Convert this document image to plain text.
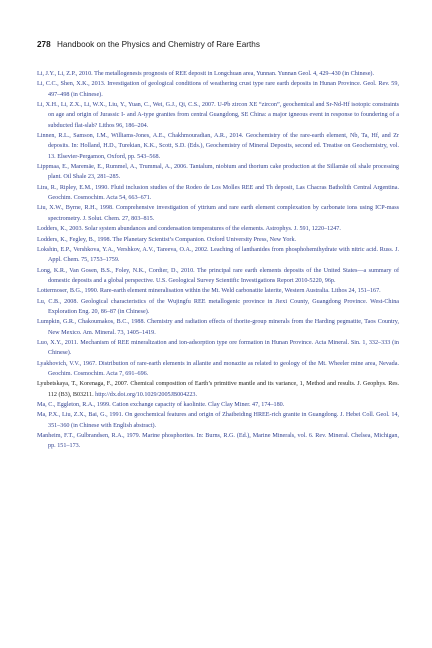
278 Handbook on the Physics and Chemistry of Rare Earths

Li, J.Y., Li, Z.P., 2010. The metallogenesis prognosis of REE deposit in Longchuan area, Yunnan. Yunnan Geol. 4, 429–430 (in Chinese).

Li, C.C., Shen, X.K., 2013. Investigation of geological conditions of weathering crust type rare earth deposits in Hunan Province. Geol. Rev. 59, 497–498 (in Chinese).

Li, X.H., Li, Z.X., Li, W.X., Liu, Y., Yuan, C., Wei, G.J., Qi, C.S., 2007. U-Pb zircon XE “zircon”, geochemical and Sr-Nd-Hf isotopic constraints on age and origin of Jurassic I- and A-type granites from central Guangdong, SE China: a major igneous event in response to foundering of a subducted flat-slab? Lithos 96, 186–204.

Linnen, R.L., Samson, I.M., Williams-Jones, A.E., Chakhmouradian, A.R., 2014. Geochemistry of the rare-earth element, Nb, Ta, Hf, and Zr deposits. In: Holland, H.D., Turekian, K.K., Scott, S.D. (Eds.), Geochemistry of Mineral Deposits, second ed. Treatise on Geochemistry, vol. 13. Elsevier-Pergamon, Oxford, pp. 543–568.

Lippmaa, E., Maremäe, E., Rummel, A., Trummal, A., 2006. Tantalum, niobium and thorium cake production at the Sillamäe oil shale processing plant. Oil Shale 23, 281–285.

Lira, R., Ripley, E.M., 1990. Fluid inclusion studies of the Rodeo de Los Molles REE and Th deposit, Las Chacras Batholith Central Argentina. Geochim. Cosmochim. Acta 54, 663–671.

Liu, X.W., Byrne, R.H., 1998. Comprehensive investigation of yttrium and rare earth element complexation by carbonate ions using ICP-mass spectrometry. J. Solut. Chem. 27, 803–815.

Lodders, K., 2003. Solar system abundances and condensation temperatures of the elements. Astrophys. J. 591, 1220–1247.

Lodders, K., Fegley, B., 1998. The Planetary Scientist’s Companion. Oxford University Press, New York.

Lokshin, E.P., Vershkova, Y.A., Vershkov, A.V., Tareeva, O.A., 2002. Leaching of lanthanides from phosphohemihydrate with nitric acid. Russ. J. Appl. Chem. 75, 1753–1759.

Long, K.R., Van Gosen, B.S., Foley, N.K., Cordier, D., 2010. The principal rare earth elements deposits of the United States—a summary of domestic deposits and a global perspective. U.S. Geological Survey Scientific Investigations Report 2010-5220, 96p.

Lottermoser, B.G., 1990. Rare-earth element mineralisation within the Mt. Weld carbonatite laterite, Western Australia. Lithos 24, 151–167.

Lu, C.B., 2008. Geological characteristics of the Wujingfu REE metallogenic province in Jiexi County, Guangdong Province. West-China Exploration Eng. 20, 86–87 (in Chinese).

Lumpkin, G.R., Chakoumakos, B.C., 1988. Chemistry and radiation effects of thorite-group minerals from the Harding pegmatite, Taos Country, New Mexico. Am. Mineral. 73, 1405–1419.

Luo, X.Y., 2011. Mechanism of REE mineralization and ion-adsorption type ore formation in Hunan Province. Acta Mineral. Sin. 1, 332–333 (in Chinese).

Lyakhovich, V.V., 1967. Distribution of rare-earth elements in allanite and monazite as related to geology of the Mt. Wheeler mine area, Nevada. Geochim. Cosmochim. Acta 7, 691–696.

Lyubetskaya, T., Korenaga, F., 2007. Chemical composition of Earth’s primitive mantle and its variance, 1, Method and results. J. Geophys. Res. 112 (B3), B03211. http://dx.doi.org/10.1029/2005JB004223.

Ma, C., Eggleton, R.A., 1999. Cation exchange capacity of kaolinite. Clay Clay Miner. 47, 174–180.

Ma, P.X., Liu, Z.X., Bai, G., 1991. On geochemical features and origin of Zhaibeiding HREE-rich granite in Guangdong. J. Hebei Coll. Geol. 14, 351–360 (in Chinese with English abstract).

Manheim, F.T., Gulbrandsen, R.A., 1979. Marine phosphorites. In: Burns, R.G. (Ed.), Marine Minerals, vol. 6. Rev. Mineral. Chelsea, Michigan, pp. 151–173.
